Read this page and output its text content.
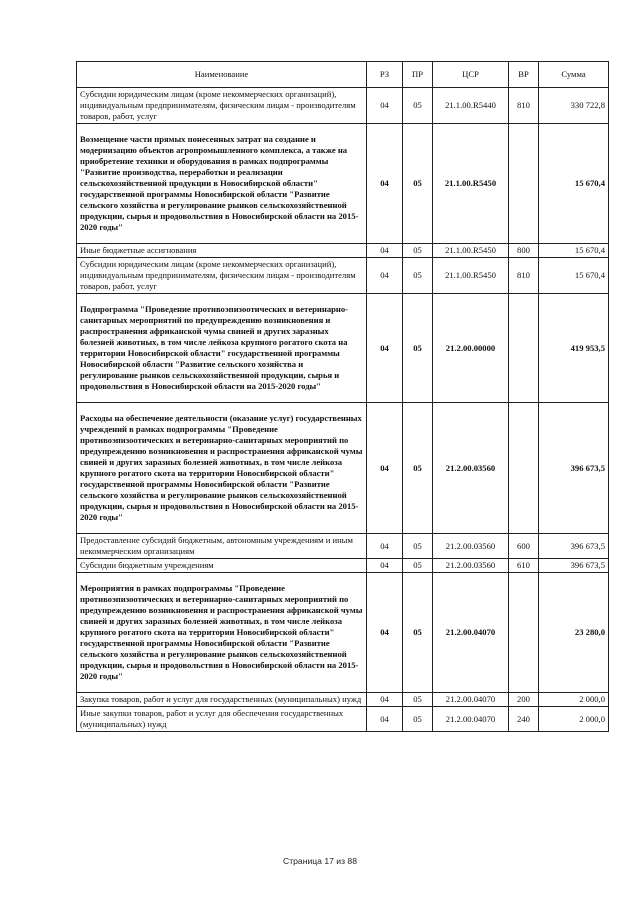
Наименование	РЗ	ПР	ЦСР	ВР	Сумма
Субсидии юридическим лицам (кроме некоммерческих организаций), индивидуальным предпринимателям, физическим лицам - производителям товаров, работ, услуг	04	05	21.1.00.R5440	810	330 722,8
Возмещение части прямых понесенных затрат на создание и модернизацию объектов агропромышленного комплекса, а также на приобретение техники и оборудования в рамках подпрограммы "Развитие производства, переработки и реализации сельскохозяйственной продукции в Новосибирской области" государственной программы Новосибирской области "Развитие сельского хозяйства и регулирование рынков сельскохозяйственной продукции, сырья и продовольствия в Новосибирской области на 2015-2020 годы"	04	05	21.1.00.R5450		15 670,4
Иные бюджетные ассигнования	04	05	21.1.00.R5450	800	15 670,4
Субсидии юридическим лицам (кроме некоммерческих организаций), индивидуальным предпринимателям, физическим лицам - производителям товаров, работ, услуг	04	05	21.1.00.R5450	810	15 670,4
Подпрограмма "Проведение противоэпизоотических и ветеринарно-санитарных мероприятий по предупреждению возникновения и распространения африканской чумы свиней и других заразных болезней животных, в том числе лейкоза крупного рогатого скота на территории Новосибирской области" государственной программы Новосибирской области "Развитие сельского хозяйства и регулирование рынков сельскохозяйственной продукции, сырья и продовольствия в Новосибирской области на 2015-2020 годы"	04	05	21.2.00.00000		419 953,5
Расходы на обеспечение деятельности (оказание услуг) государственных учреждений в рамках подпрограммы "Проведение противоэпизоотических и ветеринарно-санитарных мероприятий по предупреждению возникновения и распространения африканской чумы свиней и других заразных болезней животных, в том числе лейкоза крупного рогатого скота на территории Новосибирской области" государственной программы Новосибирской области "Развитие сельского хозяйства и регулирование рынков сельскохозяйственной продукции, сырья и продовольствия в Новосибирской области на 2015-2020 годы"	04	05	21.2.00.03560		396 673,5
Предоставление субсидий бюджетным, автономным учреждениям и иным некоммерческим организациям	04	05	21.2.00.03560	600	396 673,5
Субсидии бюджетным учреждениям	04	05	21.2.00.03560	610	396 673,5
Мероприятия в рамках подпрограммы "Проведение противоэпизоотических и ветеринарно-санитарных мероприятий по предупреждению возникновения и распространения африканской чумы свиней и других заразных болезней животных, в том числе лейкоза крупного рогатого скота на территории Новосибирской области" государственной программы Новосибирской области "Развитие сельского хозяйства и регулирование рынков сельскохозяйственной продукции, сырья и продовольствия в Новосибирской области на 2015-2020 годы"	04	05	21.2.00.04070		23 280,0
Закупка товаров, работ и услуг для государственных (муниципальных) нужд	04	05	21.2.00.04070	200	2 000,0
Иные закупки товаров, работ и услуг для обеспечения государственных (муниципальных) нужд	04	05	21.2.00.04070	240	2 000,0
Страница 17 из 88
